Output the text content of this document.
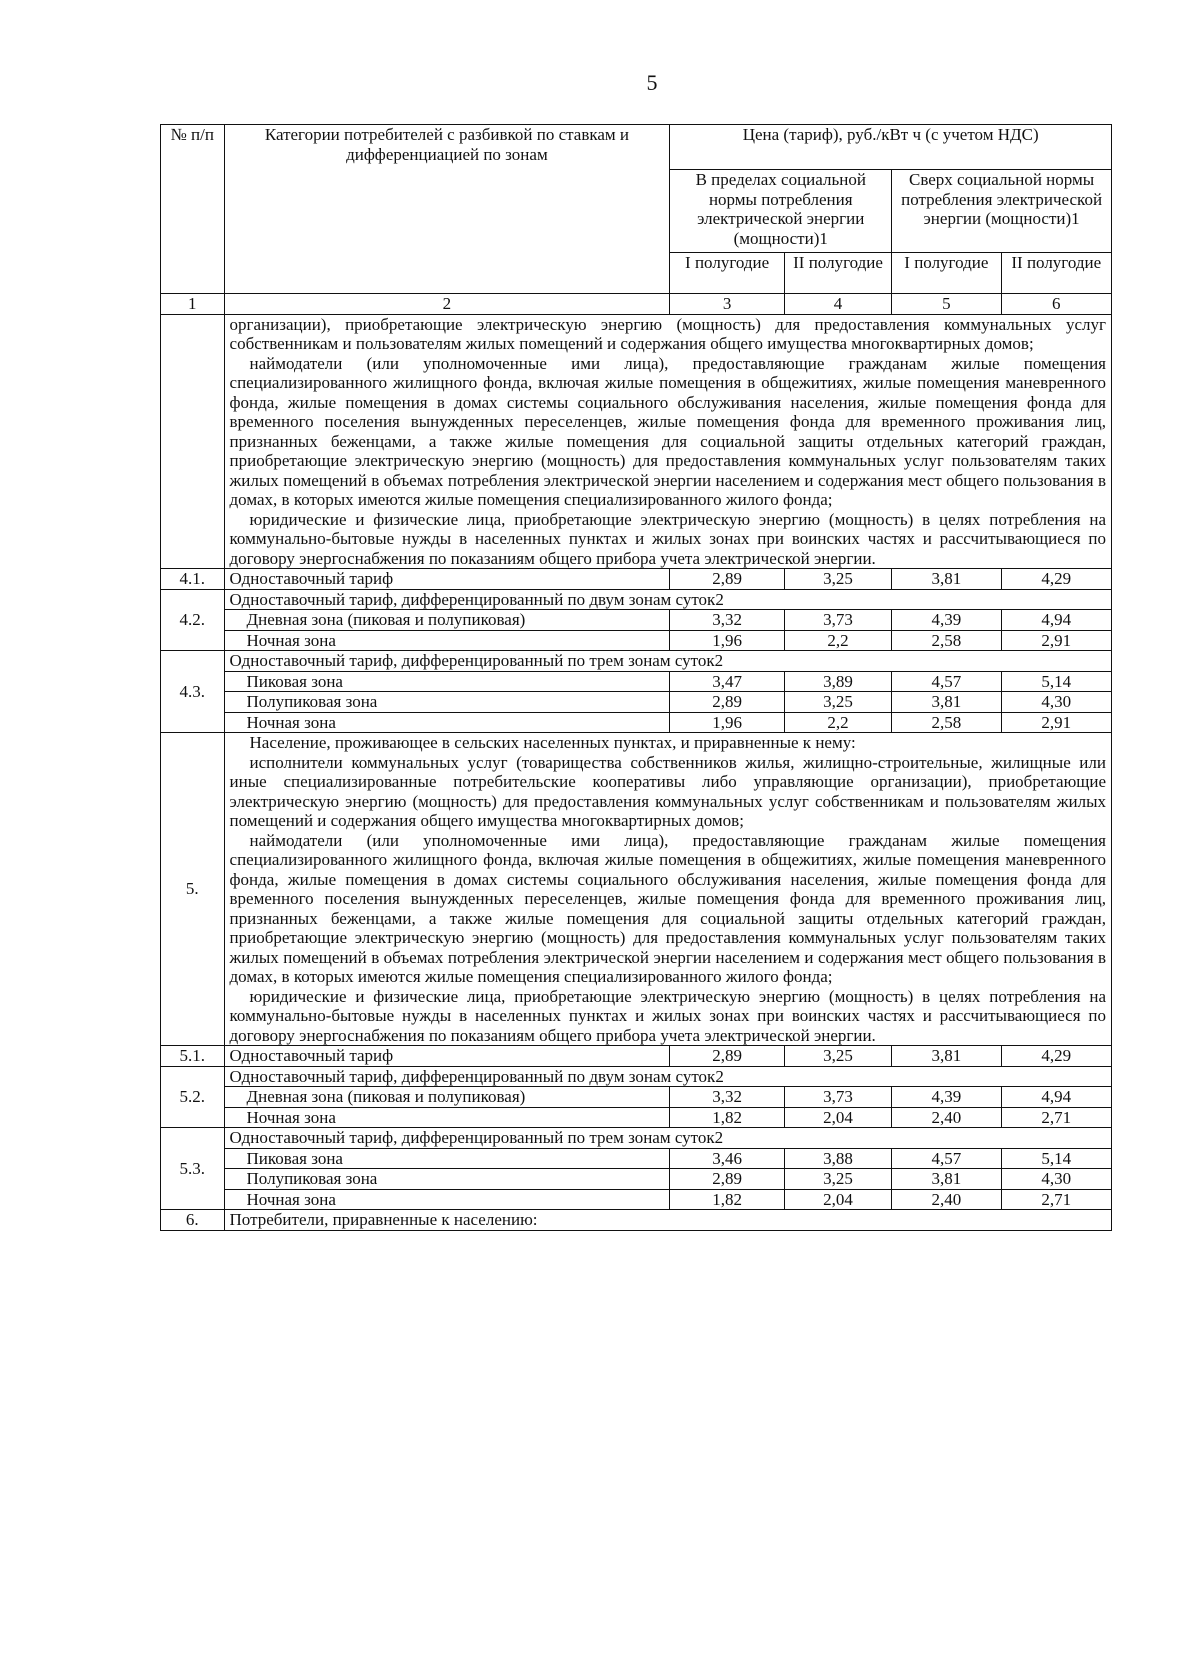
5
№ п/п	Категории потребителей с разбивкой по ставкам и дифференциацией по зонам	Цена (тариф), руб./кВт ч (с учетом НДС)			
		В пределах социальной нормы потребления электрической энергии (мощности)1		Сверх социальной нормы потребления электрической энергии (мощности)1	

		I полугодие	II полугодие	I полугодие	II полугодие
1	2	3	4	5	6

	организации), приобретающие электрическую энергию (мощность) для предоставления коммунальных услуг собственникам и пользователям жилых помещений и содержания общего имущества многоквартирных домов;

наймодатели (или уполномоченные ими лица), предоставляющие гражданам жилые помещения специализированного жилищного фонда, включая жилые помещения в общежитиях, жилые помещения маневренного фонда, жилые помещения в домах системы социального обслуживания населения, жилые помещения фонда для временного поселения вынужденных переселенцев, жилые помещения фонда для временного проживания лиц, признанных беженцами, а также жилые помещения для социальной защиты отдельных категорий граждан, приобретающие электрическую энергию (мощность) для предоставления коммунальных услуг пользователям таких жилых помещений в объемах потребления электрической энергии населением и содержания мест общего пользования в домах, в которых имеются жилые помещения специализированного жилого фонда;

юридические и физические лица, приобретающие электрическую энергию (мощность) в целях потребления на коммунально-бытовые нужды в населенных пунктах и жилых зонах при воинских частях и рассчитывающиеся по договору энергоснабжения по показаниям общего прибора учета электрической энергии.				

4.1.	Одноставочный тариф	2,89	3,25	3,81	4,29
4.2.	Одноставочный тариф, дифференцированный по двум зонам суток2				
	Дневная зона (пиковая и полупиковая)	3,32	3,73	4,39	4,94
	Ночная зона	1,96	2,2	2,58	2,91
4.3.	Одноставочный тариф, дифференцированный по трем зонам суток2				
	Пиковая зона	3,47	3,89	4,57	5,14
	Полупиковая зона	2,89	3,25	3,81	4,30
	Ночная зона	1,96	2,2	2,58	2,91
5.	Население, проживающее в сельских населенных пунктах, и приравненные к нему:

исполнители коммунальных услуг (товарищества собственников жилья, жилищно-строительные, жилищные или иные специализированные потребительские кооперативы либо управляющие организации), приобретающие электрическую энергию (мощность) для предоставления коммунальных услуг собственникам и пользователям жилых помещений и содержания общего имущества многоквартирных домов;

наймодатели (или уполномоченные ими лица), предоставляющие гражданам жилые помещения специализированного жилищного фонда, включая жилые помещения в общежитиях, жилые помещения маневренного фонда, жилые помещения в домах системы социального обслуживания населения, жилые помещения фонда для временного поселения вынужденных переселенцев, жилые помещения фонда для временного проживания лиц, признанных беженцами, а также жилые помещения для социальной защиты отдельных категорий граждан, приобретающие электрическую энергию (мощность) для предоставления коммунальных услуг пользователям таких жилых помещений в объемах потребления электрической энергии населением и содержания мест общего пользования в домах, в которых имеются жилые помещения специализированного жилого фонда;

юридические и физические лица, приобретающие электрическую энергию (мощность) в целях потребления на коммунально-бытовые нужды в населенных пунктах и жилых зонах при воинских частях и рассчитывающиеся по договору энергоснабжения по показаниям общего прибора учета электрической энергии.				

5.1.	Одноставочный тариф	2,89	3,25	3,81	4,29
5.2.	Одноставочный тариф, дифференцированный по двум зонам суток2				
	Дневная зона (пиковая и полупиковая)	3,32	3,73	4,39	4,94
	Ночная зона	1,82	2,04	2,40	2,71
5.3.	Одноставочный тариф, дифференцированный по трем зонам суток2				
	Пиковая зона	3,46	3,88	4,57	5,14
	Полупиковая зона	2,89	3,25	3,81	4,30
	Ночная зона	1,82	2,04	2,40	2,71
6.	Потребители, приравненные к населению:				
